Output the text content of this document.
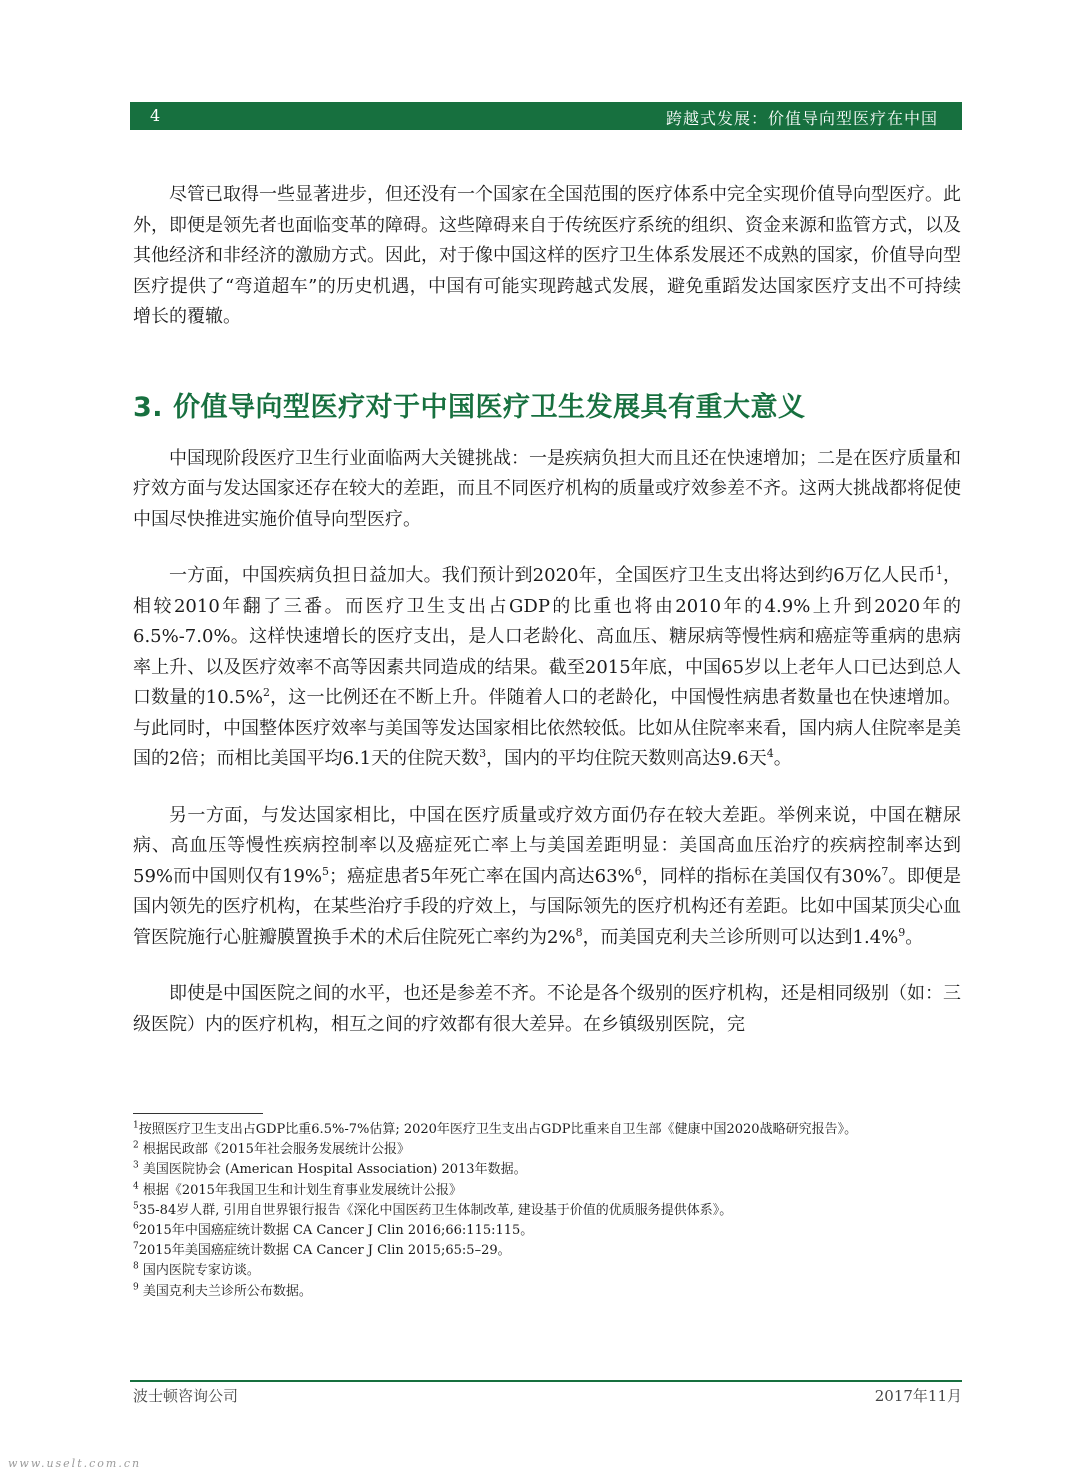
4	跨越式发展：价值导向型医疗在中国

尽管已取得一些显著进步，但还没有一个国家在全国范围的医疗体系中完全实现价值导向型医疗。此外，即便是领先者也面临变革的障碍。这些障碍来自于传统医疗系统的组织、资金来源和监管方式，以及其他经济和非经济的激励方式。因此，对于像中国这样的医疗卫生体系发展还不成熟的国家，价值导向型医疗提供了“弯道超车”的历史机遇，中国有可能实现跨越式发展，避免重蹈发达国家医疗支出不可持续增长的覆辙。

3. 价值导向型医疗对于中国医疗卫生发展具有重大意义

中国现阶段医疗卫生行业面临两大关键挑战：一是疾病负担大而且还在快速增加；二是在医疗质量和疗效方面与发达国家还存在较大的差距，而且不同医疗机构的质量或疗效参差不齐。这两大挑战都将促使中国尽快推进实施价值导向型医疗。

一方面，中国疾病负担日益加大。我们预计到2020年，全国医疗卫生支出将达到约6万亿人民币$^1$，相较2010年翻了三番。而医疗卫生支出占GDP的比重也将由2010年的4.9%上升到2020年的6.5%-7.0%。这样快速增长的医疗支出，是人口老龄化、高血压、糖尿病等慢性病和癌症等重病的患病率上升、以及医疗效率不高等因素共同造成的结果。截至2015年底，中国65岁以上老年人口已达到总人口数量的10.5%$^2$，这一比例还在不断上升。伴随着人口的老龄化，中国慢性病患者数量也在快速增加。与此同时，中国整体医疗效率与美国等发达国家相比依然较低。比如从住院率来看，国内病人住院率是美国的2倍；而相比美国平均6.1天的住院天数$^3$，国内的平均住院天数则高达9.6天$^4$。

另一方面，与发达国家相比，中国在医疗质量或疗效方面仍存在较大差距。举例来说，中国在糖尿病、高血压等慢性疾病控制率以及癌症死亡率上与美国差距明显：美国高血压治疗的疾病控制率达到59%而中国则仅有19%$^5$；癌症患者5年死亡率在国内高达63%$^6$，同样的指标在美国仅有30%$^7$。即便是国内领先的医疗机构，在某些治疗手段的疗效上，与国际领先的医疗机构还有差距。比如中国某顶尖心血管医院施行心脏瓣膜置换手术的术后住院死亡率约为2%$^8$，而美国克利夫兰诊所则可以达到1.4%$^9$。

即使是中国医院之间的水平，也还是参差不齐。不论是各个级别的医疗机构，还是相同级别（如：三级医院）内的医疗机构，相互之间的疗效都有很大差异。在乡镇级别医院，完

$^1$按照医疗卫生支出占GDP比重6.5%-7%估算; 2020年医疗卫生支出占GDP比重来自卫生部《健康中国2020战略研究报告》。
$^2$ 根据民政部《2015年社会服务发展统计公报》
$^3$ 美国医院协会 (American Hospital Association) 2013年数据。
$^4$ 根据《2015年我国卫生和计划生育事业发展统计公报》
$^5$35-84岁人群, 引用自世界银行报告《深化中国医药卫生体制改革, 建设基于价值的优质服务提供体系》。
$^6$2015年中国癌症统计数据 CA Cancer J Clin 2016;66:115:115。
$^7$2015年美国癌症统计数据 CA Cancer J Clin 2015;65:5–29。
$^8$ 国内医院专家访谈。
$^9$ 美国克利夫兰诊所公布数据。
波士顿咨询公司	2017年11月
www.uselt.com.cn
